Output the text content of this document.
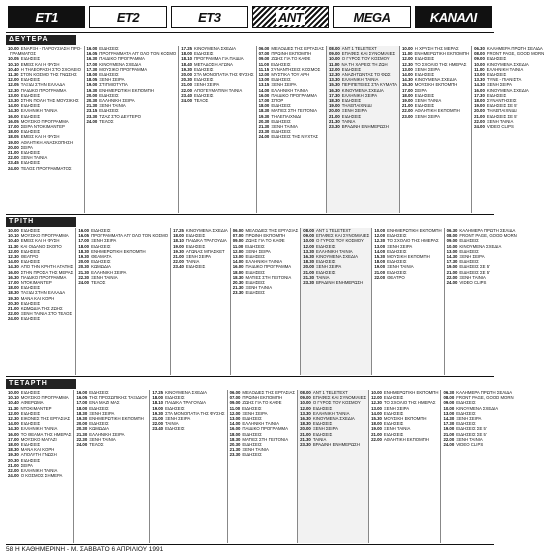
ET1	ET2	ET3	ANT	MEGA	ΚΑΝΑΛΙ
ΔΕΥΤΕΡΑ
10.00 ΕΝΑΡΞΗ - ΠΑΡΟΥΣΙΑΣΗ ΠΡΟ-
ΓΡΑΜΜΑΤΟΣ
10.05 ΕΙΔΗΣΕΙΣ
10.10 ΕΜΕΙΣ ΚΑΙ Η ΦΥΣΗ
10.40 Η ΤΗΛΕΟΡΑΣΗ ΣΤΟ ΣΧΟΛΕΙΟ
11.30 ΣΤΟΝ ΚΟΣΜΟ ΤΗΣ ΓΝΩΣΗΣ
12.00 ΕΙΔΗΣΕΙΣ
12.05 ΤΑΞΙΔΙ ΣΤΗΝ ΕΛΛΑΔΑ
12.30 ΠΑΙΔΙΚΟ ΠΡΟΓΡΑΜΜΑ
13.00 ΕΙΔΗΣΕΙΣ
13.30 ΣΤΗΝ ΠΟΛΗ ΤΗΣ ΜΟΥΣΙΚΗΣ
14.00 ΕΙΔΗΣΕΙΣ
14.30 ΕΛΛΗΝΙΚΗ ΤΑΙΝΙΑ
16.00 ΕΙΔΗΣΕΙΣ
16.05 ΜΟΥΣΙΚΟ ΠΡΟΓΡΑΜΜΑ
17.00 ΣΕΙΡΑ ΝΤΟΚΙΜΑΝΤΕΡ
18.00 ΕΙΔΗΣΕΙΣ
18.05 ΕΜΕΙΣ ΚΑΙ Η ΦΥΣΗ
19.00 ΑΘΛΗΤΙΚΗ ΑΝΑΣΚΟΠΗΣΗ
20.00 ΣΕΙΡΑ
21.00 ΕΙΔΗΣΕΙΣ
22.00 ΞΕΝΗ ΤΑΙΝΙΑ
23.45 ΕΙΔΗΣΕΙΣ
24.00 ΤΕΛΟΣ ΠΡΟΓΡΑΜΜΑΤΟΣ
16.00 ΕΙΔΗΣΕΙΣ
16.05 ΠΡΟΓΡΑΜΜΑΤΑ ΑΠ' ΟΛΟ ΤΟΝ ΚΟΣΜΟ
16.30 ΠΑΙΔΙΚΟ ΠΡΟΓΡΑΜΜΑ
17.00 ΚΙΝΟΥΜΕΝΑ ΣΧΕΔΙΑ
17.30 ΜΟΥΣΙΚΟ ΠΡΟΓΡΑΜΜΑ
18.00 ΕΙΔΗΣΕΙΣ
18.05 ΞΕΝΗ ΣΕΙΡΑ
19.00 ΣΤΙΓΜΙΟΤΥΠΑ
19.30 ΕΝΗΜΕΡΩΤΙΚΗ ΕΚΠΟΜΠΗ
20.00 ΕΙΔΗΣΕΙΣ
20.30 ΕΛΛΗΝΙΚΗ ΣΕΙΡΑ
21.30 ΞΕΝΗ ΤΑΙΝΙΑ
23.15 ΕΙΔΗΣΕΙΣ
23.30 ΤΖΑΖ ΣΤΟ ΔΕΥΤΕΡΟ
24.00 ΤΕΛΟΣ
17.25 ΚΙΝΟΥΜΕΝΑ ΣΧΕΔΙΑ
18.00 ΕΙΔΗΣΕΙΣ
18.10 ΠΡΟΓΡΑΜΜΑ ΓΙΑ ΠΑΙΔΙΑ
18.40 ΜΕΤΑΔΟΣΗ ΑΓΩΝΑ
19.30 ΕΙΔΗΣΕΙΣ
20.00 ΣΤΑ ΜΟΝΟΠΑΤΙΑ ΤΗΣ ΦΥΣΗΣ
20.30 ΕΙΔΗΣΕΙΣ
21.00 ΞΕΝΗ ΣΕΙΡΑ
22.00 ΑΠΟΓΕΥΜΑΤΙΝΗ ΤΑΙΝΙΑ
23.40 ΕΙΔΗΣΕΙΣ
24.00 ΤΕΛΟΣ
06.00 ΜΕΛΟΔΙΕΣ ΤΗΣ ΕΡΓΑΣΙΑΣ
07.00 ΠΡΩΙΝΗ ΕΚΠΟΜΠΗ
09.00 ΖΩΗΣ ΓΙΑ ΤΟ ΚΑΦΕ
11.00 ΕΙΔΗΣΕΙΣ
11.15 ΣΥΝΑΝΤΗΣΕΙΣ ΚΟΣΜΟΣ
12.00 ΜΥΣΤΙΚΑ ΤΟΥ ΑΡΗ
13.00 ΕΙΔΗΣΕΙΣ
13.15 ΞΕΝΗ ΣΕΙΡΑ
14.00 ΕΛΛΗΝΙΚΗ ΤΑΙΝΙΑ
16.00 ΠΑΙΔΙΚΟ ΠΡΟΓΡΑΜΜΑ
17.00 ΣΠΟΡ
18.00 ΕΙΔΗΣΕΙΣ
18.30 ΜΑΤΙΕΣ ΣΤΗ ΓΕΙΤΟΝΙΑ
19.30 ΤΗΛΕΠΑΙΧΝΙΔΙ
20.30 ΕΙΔΗΣΕΙΣ
21.30 ΞΕΝΗ ΤΑΙΝΙΑ
23.30 ΕΙΔΗΣΕΙΣ
24.00 ΕΙΔΗΣΕΙΣ ΤΗΣ ΝΥΧΤΑΣ
08.00 ANT 1 TELETEXT
09.00 ΕΠΑΦΕΣ ΚΑΙ ΣΥΝΟΜΙΛΙΕΣ
10.00 Ο ΓΥΡΟΣ ΤΟΥ ΚΟΣΜΟΥ
11.00 ΝΑ ΤΗ ΧΑΡΕΙΣ ΤΗ ΖΩΗ
12.00 ΕΙΔΗΣΕΙΣ
12.30 ΑΝΑΖΗΤΩΝΤΑΣ ΤΟ ΦΩΣ
13.30 ΕΛΛΗΝΙΚΗ ΤΑΙΝΙΑ
15.30 ΠΕΡΙΠΕΤΕΙΕΣ ΣΤΑ ΚΥΜΑΤΑ
16.30 ΚΙΝΟΥΜΕΝΑ ΣΧΕΔΙΑ
17.30 ΕΛΛΗΝΙΚΗ ΣΕΙΡΑ
18.30 ΕΙΔΗΣΕΙΣ
19.00 ΤΗΛΕΠΑΙΧΝΙΔΙ
20.00 ΞΕΝΗ ΣΕΙΡΑ
21.00 ΕΙΔΗΣΕΙΣ
21.30 ΤΑΙΝΙΑ
23.30 ΒΡΑΔΙΝΗ ΕΝΗΜΕΡΩΣΗ
10.00 Η ΧΡΥΣΗ ΤΗΣ ΜΕΡΑΣ
11.00 ΕΝΗΜΕΡΩΤΙΚΗ ΕΚΠΟΜΠΗ
12.00 ΕΙΔΗΣΕΙΣ
12.30 ΤΟ ΣΧΟΛΙΟ ΤΗΣ ΗΜΕΡΑΣ
13.00 ΞΕΝΗ ΣΕΙΡΑ
14.00 ΕΙΔΗΣΕΙΣ
14.30 ΚΙΝΟΥΜΕΝΑ ΣΧΕΔΙΑ
15.30 ΜΟΥΣΙΚΗ ΕΚΠΟΜΠΗ
17.00 ΣΕΙΡΑ
18.00 ΕΙΔΗΣΕΙΣ
19.00 ΞΕΝΗ ΤΑΙΝΙΑ
21.00 ΕΙΔΗΣΕΙΣ
22.00 ΑΘΛΗΤΙΚΗ ΕΚΠΟΜΠΗ
23.00 ΞΕΝΗ ΣΕΙΡΑ
06.30 ΚΑΛΗΜΕΡΑ ΠΡΩΤΗ ΣΕΛΙΔΑ
08.00 FRONT PAGE, GOOD MORN
09.00 ΕΙΔΗΣΕΙΣ
10.00 ΚΙΝΟΥΜΕΝΑ ΣΧΕΔΙΑ
11.00 ΕΛΛΗΝΙΚΗ ΤΑΙΝΙΑ
13.00 ΕΙΔΗΣΕΙΣ
13.30 ΤΥΝΕ - ΠΙΑΝΙΣΤΑ
14.30 ΞΕΝΗ ΣΕΙΡΑ
16.00 ΚΙΝΟΥΜΕΝΑ ΣΧΕΔΙΑ
17.30 ΕΙΔΗΣΕΙΣ
18.00 ΣΥΝΑΝΤΗΣΕΙΣ
19.00 ΕΙΔΗΣΕΙΣ ΣΕ 5'
20.00 ΤΗΛΕΠΑΙΧΝΙΔΙ
21.00 ΕΙΔΗΣΕΙΣ ΣΕ 5'
22.00 ΞΕΝΗ ΤΑΙΝΙΑ
24.00 VIDEO CLIPS
ΤΡΙΤΗ
10.00 ΕΙΔΗΣΕΙΣ
10.10 ΜΟΥΣΙΚΟ ΠΡΟΓΡΑΜΜΑ
10.40 ΕΜΕΙΣ ΚΑΙ Η ΦΥΣΗ
11.30 ΚΑΙ ΟΙΔΑΝΟ ΣΚΟΠΟ
12.00 ΕΙΔΗΣΕΙΣ
12.30 ΘΕΑΤΡΟ
14.00 ΕΙΔΗΣΕΙΣ
14.30 ΑΠΟ ΤΗΝ ΚΡΗΤΗ ΑΓΑΠΗΣ
16.00 ΣΤΗΝ ΠΡΟΣΑ ΤΗΣ ΜΕΡΑΣ
16.30 ΠΑΙΔΙΚΟ ΠΡΟΓΡΑΜΜΑ
17.00 ΝΤΟΚΙΜΑΝΤΕΡ
18.00 ΕΙΔΗΣΕΙΣ
18.30 ΤΑΞΙΔΙ ΣΤΗΝ ΕΛΛΑΔΑ
19.30 ΜΑΝΑ ΚΑΙ ΚΟΡΗ
20.30 ΕΙΔΗΣΕΙΣ
21.00 ΚΩΜΩΔΙΑ ΤΗΣ ΖΩΗΣ
22.00 ΞΕΝΗ ΤΑΙΝΙΑ ΣΤΟ ΤΕΛΟΣ
24.00 ΕΙΔΗΣΕΙΣ
16.00 ΕΙΔΗΣΕΙΣ
16.05 ΠΡΟΓΡΑΜΜΑΤΑ ΑΠ' ΟΛΟ ΤΟΝ ΚΟΣΜΟ
17.00 ΞΕΝΗ ΣΕΙΡΑ
18.00 ΕΙΔΗΣΕΙΣ
18.30 ΕΝΗΜΕΡΩΤΙΚΗ ΕΚΠΟΜΠΗ
19.30 ΘΕΑΜΑΤΑ
20.00 ΕΙΔΗΣΕΙΣ
20.30 ΚΩΜΩΔΙΑ
21.30 ΕΛΛΗΝΙΚΗ ΣΕΙΡΑ
22.30 ΞΕΝΗ ΤΑΙΝΙΑ
24.00 ΤΕΛΟΣ
17.25 ΚΙΝΟΥΜΕΝΑ ΣΧΕΔΙΑ
18.00 ΕΙΔΗΣΕΙΣ
18.10 ΠΑΙΔΙΚΑ ΤΡΑΓΟΥΔΙΑ
19.00 ΕΙΔΗΣΕΙΣ
19.30 ΑΓΩΝΑΣ ΜΠΑΣΚΕΤ
21.00 ΞΕΝΗ ΣΕΙΡΑ
22.00 ΤΑΙΝΙΑ
23.40 ΕΙΔΗΣΕΙΣ
06.00 ΜΕΛΟΔΙΕΣ ΤΗΣ ΕΡΓΑΣΙΑΣ
07.00 ΠΡΩΙΝΗ ΕΚΠΟΜΠΗ
09.00 ΖΩΗΣ ΓΙΑ ΤΟ ΚΑΦΕ
11.00 ΕΙΔΗΣΕΙΣ
12.00 ΞΕΝΗ ΣΕΙΡΑ
13.00 ΕΙΔΗΣΕΙΣ
14.00 ΕΛΛΗΝΙΚΗ ΤΑΙΝΙΑ
16.00 ΠΑΙΔΙΚΟ ΠΡΟΓΡΑΜΜΑ
18.00 ΕΙΔΗΣΕΙΣ
18.30 ΜΑΤΙΕΣ ΣΤΗ ΓΕΙΤΟΝΙΑ
20.30 ΕΙΔΗΣΕΙΣ
21.30 ΞΕΝΗ ΤΑΙΝΙΑ
23.30 ΕΙΔΗΣΕΙΣ
08.00 ANT 1 TELETEXT
09.00 ΕΠΑΦΕΣ ΚΑΙ ΣΥΝΟΜΙΛΙΕΣ
10.00 Ο ΓΥΡΟΣ ΤΟΥ ΚΟΣΜΟΥ
12.00 ΕΙΔΗΣΕΙΣ
13.30 ΕΛΛΗΝΙΚΗ ΤΑΙΝΙΑ
16.30 ΚΙΝΟΥΜΕΝΑ ΣΧΕΔΙΑ
18.30 ΕΙΔΗΣΕΙΣ
20.00 ΞΕΝΗ ΣΕΙΡΑ
21.00 ΕΙΔΗΣΕΙΣ
21.30 ΤΑΙΝΙΑ
23.30 ΒΡΑΔΙΝΗ ΕΝΗΜΕΡΩΣΗ
10.00 ΕΝΗΜΕΡΩΤΙΚΗ ΕΚΠΟΜΠΗ
12.00 ΕΙΔΗΣΕΙΣ
12.30 ΤΟ ΣΧΟΛΙΟ ΤΗΣ ΗΜΕΡΑΣ
13.00 ΞΕΝΗ ΣΕΙΡΑ
14.00 ΕΙΔΗΣΕΙΣ
15.30 ΜΟΥΣΙΚΗ ΕΚΠΟΜΠΗ
18.00 ΕΙΔΗΣΕΙΣ
19.00 ΞΕΝΗ ΤΑΙΝΙΑ
21.00 ΕΙΔΗΣΕΙΣ
22.00 ΘΕΑΤΡΟ
06.30 ΚΑΛΗΜΕΡΑ ΠΡΩΤΗ ΣΕΛΙΔΑ
08.00 FRONT PAGE, GOOD MORN
09.00 ΕΙΔΗΣΕΙΣ
10.00 ΚΙΝΟΥΜΕΝΑ ΣΧΕΔΙΑ
13.00 ΕΙΔΗΣΕΙΣ
14.30 ΞΕΝΗ ΣΕΙΡΑ
17.30 ΕΙΔΗΣΕΙΣ
19.00 ΕΙΔΗΣΕΙΣ ΣΕ 5'
21.00 ΕΙΔΗΣΕΙΣ ΣΕ 5'
22.00 ΞΕΝΗ ΤΑΙΝΙΑ
24.00 VIDEO CLIPS
ΤΕΤΑΡΤΗ
10.00 ΕΙΔΗΣΕΙΣ
10.10 ΜΟΥΣΙΚΟ ΠΡΟΓΡΑΜΜΑ
10.40 ΑΦΙΕΡΩΜΑ
11.30 ΝΤΟΚΙΜΑΝΤΕΡ
12.00 ΕΙΔΗΣΕΙΣ
12.30 ΕΙΚΟΝΕΣ ΤΗΣ ΕΡΓΑΣΙΑΣ
14.00 ΕΙΔΗΣΕΙΣ
14.30 ΕΛΛΗΝΙΚΗ ΤΑΙΝΙΑ
16.00 ΤΟ ΘΕΑΜΑ ΤΗΣ ΗΜΕΡΑΣ
17.00 ΜΟΥΣΙΚΟ ΜΑΓΑΖΙ
18.00 ΕΙΔΗΣΕΙΣ
18.30 ΜΑΝΑ ΚΑΙ ΚΟΡΗ
19.30 ΑΠΟΛΥΤΗ ΓΝΩΣΗ
20.30 ΕΙΔΗΣΕΙΣ
21.00 ΣΕΙΡΑ
22.00 ΕΛΛΗΝΙΚΗ ΤΑΙΝΙΑ
24.00 Ο ΚΟΣΜΟΣ ΣΗΜΕΡΑ
16.00 ΕΙΔΗΣΕΙΣ
16.05 ΤΗΣ ΠΡΟΣΩΠΙΚΗΣ ΤΑΞΙΔΙΟΥ
17.00 ΕΝΑ ΜΑΖΙ ΜΑΣ
18.00 ΕΙΔΗΣΕΙΣ
18.30 ΞΕΝΗ ΣΕΙΡΑ
19.30 ΕΝΗΜΕΡΩΤΙΚΗ ΕΚΠΟΜΠΗ
20.00 ΕΙΔΗΣΕΙΣ
20.30 ΚΩΜΩΔΙΑ
21.30 ΕΛΛΗΝΙΚΗ ΣΕΙΡΑ
22.30 ΞΕΝΗ ΤΑΙΝΙΑ
24.00 ΤΕΛΟΣ
17.25 ΚΙΝΟΥΜΕΝΑ ΣΧΕΔΙΑ
18.00 ΕΙΔΗΣΕΙΣ
18.10 ΠΑΙΔΙΚΑ ΤΡΑΓΟΥΔΙΑ
19.00 ΕΙΔΗΣΕΙΣ
19.30 ΣΤΑ ΜΟΝΟΠΑΤΙΑ ΤΗΣ ΦΥΣΗΣ
21.00 ΞΕΝΗ ΣΕΙΡΑ
22.00 ΤΑΙΝΙΑ
23.40 ΕΙΔΗΣΕΙΣ
06.00 ΜΕΛΟΔΙΕΣ ΤΗΣ ΕΡΓΑΣΙΑΣ
07.00 ΠΡΩΙΝΗ ΕΚΠΟΜΠΗ
09.00 ΖΩΗΣ ΓΙΑ ΤΟ ΚΑΦΕ
11.00 ΕΙΔΗΣΕΙΣ
12.00 ΞΕΝΗ ΣΕΙΡΑ
13.00 ΕΙΔΗΣΕΙΣ
14.00 ΕΛΛΗΝΙΚΗ ΤΑΙΝΙΑ
16.00 ΠΑΙΔΙΚΟ ΠΡΟΓΡΑΜΜΑ
18.00 ΕΙΔΗΣΕΙΣ
18.30 ΜΑΤΙΕΣ ΣΤΗ ΓΕΙΤΟΝΙΑ
20.30 ΕΙΔΗΣΕΙΣ
21.30 ΞΕΝΗ ΤΑΙΝΙΑ
23.30 ΕΙΔΗΣΕΙΣ
08.00 ANT 1 TELETEXT
09.00 ΕΠΑΦΕΣ ΚΑΙ ΣΥΝΟΜΙΛΙΕΣ
10.00 Ο ΓΥΡΟΣ ΤΟΥ ΚΟΣΜΟΥ
12.00 ΕΙΔΗΣΕΙΣ
13.30 ΕΛΛΗΝΙΚΗ ΤΑΙΝΙΑ
16.30 ΚΙΝΟΥΜΕΝΑ ΣΧΕΔΙΑ
18.30 ΕΙΔΗΣΕΙΣ
20.00 ΞΕΝΗ ΣΕΙΡΑ
21.00 ΕΙΔΗΣΕΙΣ
21.30 ΤΑΙΝΙΑ
23.30 ΒΡΑΔΙΝΗ ΕΝΗΜΕΡΩΣΗ
10.00 ΕΝΗΜΕΡΩΤΙΚΗ ΕΚΠΟΜΠΗ
12.00 ΕΙΔΗΣΕΙΣ
12.30 ΤΟ ΣΧΟΛΙΟ ΤΗΣ ΗΜΕΡΑΣ
13.00 ΞΕΝΗ ΣΕΙΡΑ
14.00 ΕΙΔΗΣΕΙΣ
15.30 ΜΟΥΣΙΚΗ ΕΚΠΟΜΠΗ
18.00 ΕΙΔΗΣΕΙΣ
19.00 ΞΕΝΗ ΤΑΙΝΙΑ
21.00 ΕΙΔΗΣΕΙΣ
22.00 ΑΘΛΗΤΙΚΗ ΕΚΠΟΜΠΗ
06.30 ΚΑΛΗΜΕΡΑ ΠΡΩΤΗ ΣΕΛΙΔΑ
08.00 FRONT PAGE, GOOD MORN
09.00 ΕΙΔΗΣΕΙΣ
10.00 ΚΙΝΟΥΜΕΝΑ ΣΧΕΔΙΑ
13.00 ΕΙΔΗΣΕΙΣ
14.30 ΞΕΝΗ ΣΕΙΡΑ
17.30 ΕΙΔΗΣΕΙΣ
19.00 ΕΙΔΗΣΕΙΣ ΣΕ 5'
21.00 ΕΙΔΗΣΕΙΣ ΣΕ 5'
22.00 ΞΕΝΗ ΤΑΙΝΙΑ
24.00 VIDEO CLIPS
58 Η ΚΑΘΗΜΕΡΙΝΗ - Μ. ΣΑΒΒΑΤΟ 6 ΑΠΡΙΛΙΟΥ 1991
